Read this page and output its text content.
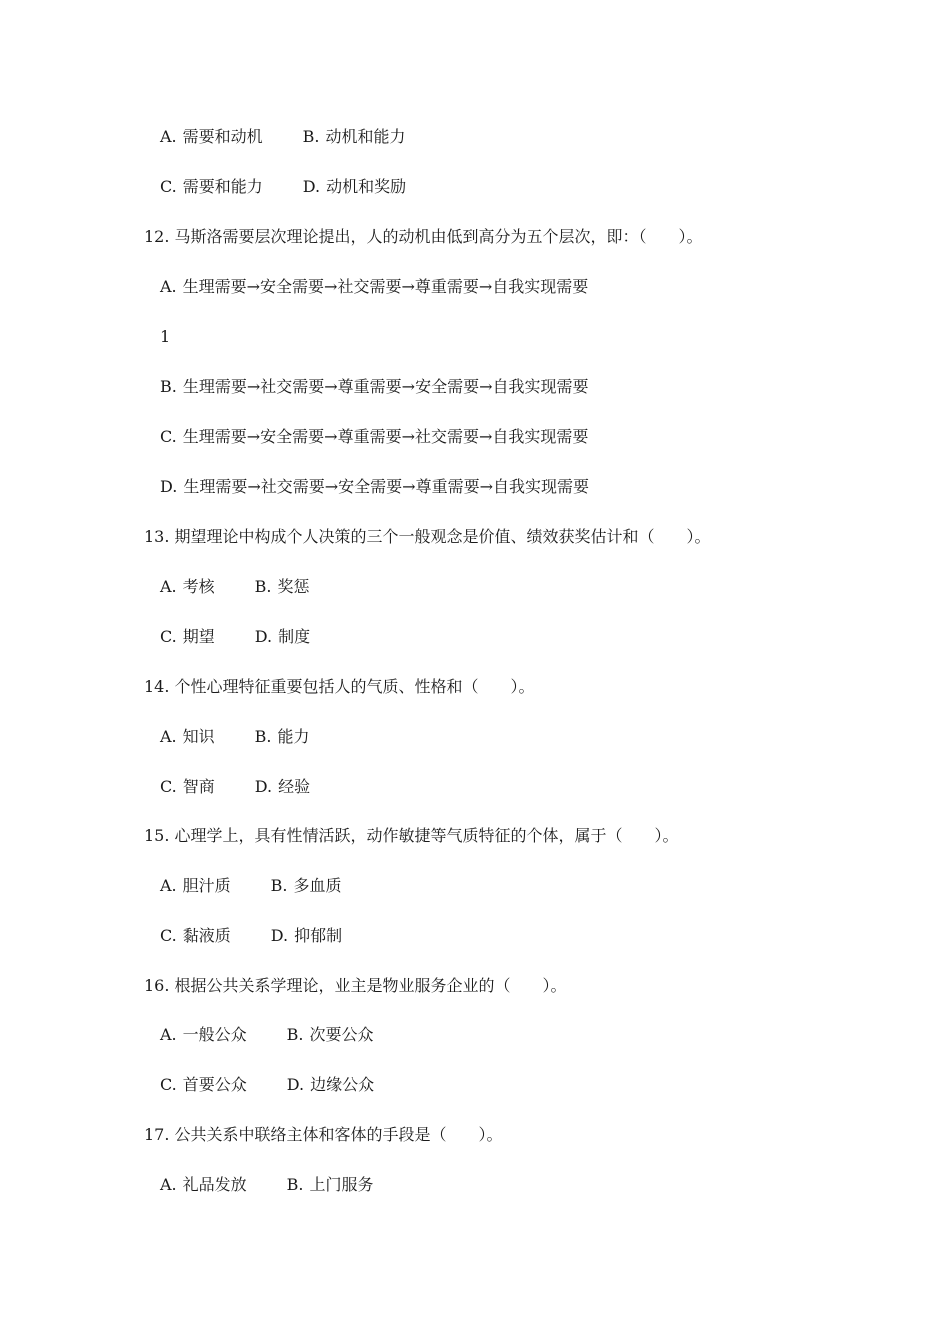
A. 需要和动机	B. 动机和能力
C. 需要和能力	D. 动机和奖励
12. 马斯洛需要层次理论提出，人的动机由低到高分为五个层次，即：（　　）。
A. 生理需要→安全需要→社交需要→尊重需要→自我实现需要
1
B. 生理需要→社交需要→尊重需要→安全需要→自我实现需要
C. 生理需要→安全需要→尊重需要→社交需要→自我实现需要
D. 生理需要→社交需要→安全需要→尊重需要→自我实现需要
13. 期望理论中构成个人决策的三个一般观念是价值、绩效获奖估计和（　　）。
A. 考核	B. 奖惩
C. 期望	D. 制度
14. 个性心理特征重要包括人的气质、性格和（　　）。
A. 知识	B. 能力
C. 智商	D. 经验
15. 心理学上，具有性情活跃，动作敏捷等气质特征的个体，属于（　　）。
A. 胆汁质	B. 多血质
C. 黏液质	D. 抑郁制
16. 根据公共关系学理论，业主是物业服务企业的（　　）。
A. 一般公众	B. 次要公众
C. 首要公众	D. 边缘公众
17. 公共关系中联络主体和客体的手段是（　　）。
A. 礼品发放	B. 上门服务
